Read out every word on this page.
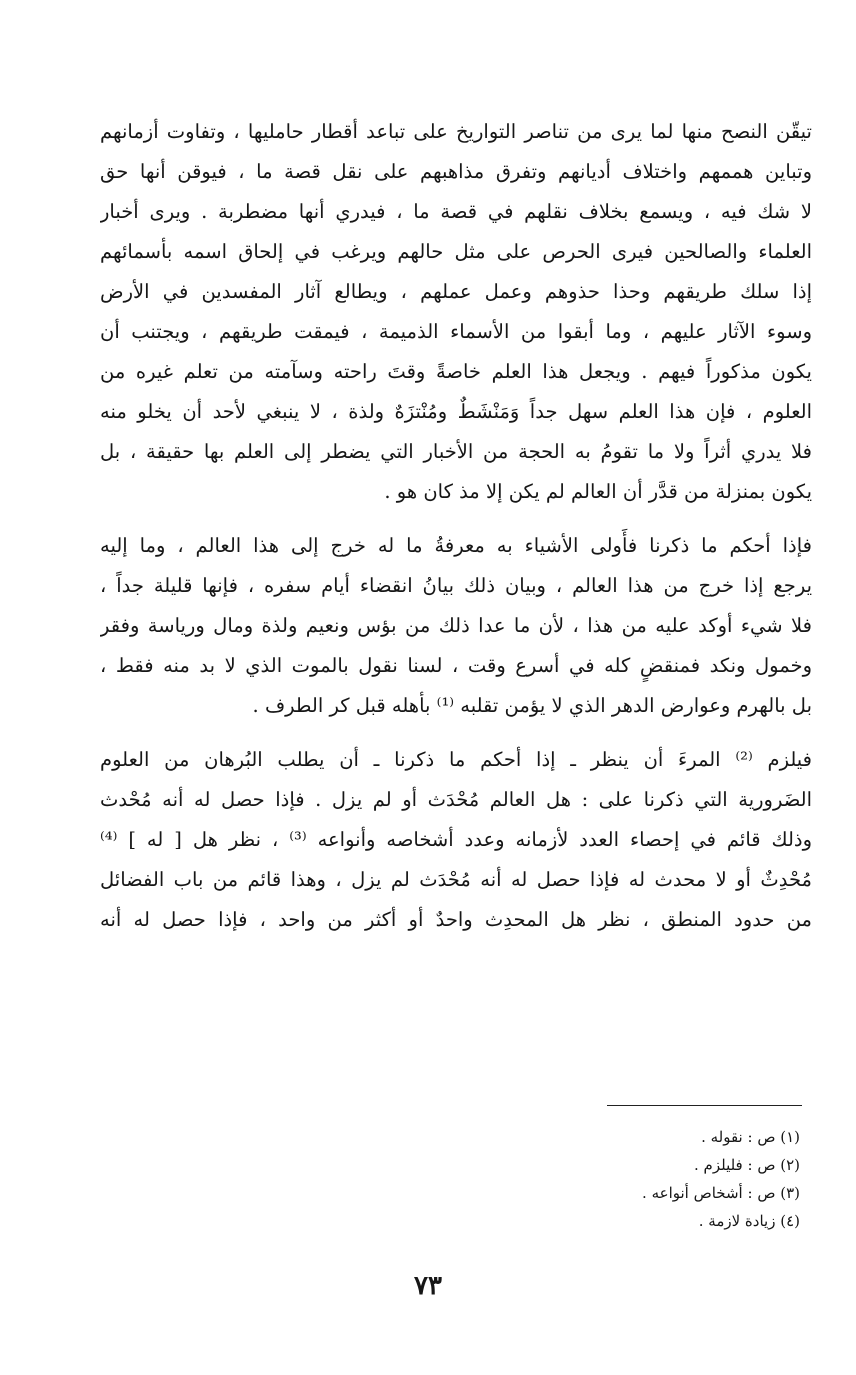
تيقّن النصح منها لما يرى من تناصر التواريخ على تباعد أقطار حامليها ، وتفاوت أزمانهم
وتباين هممهم واختلاف أديانهم وتفرق مذاهبهم على نقل قصة ما ، فيوقن أنها حق
لا شك فيه ، ويسمع بخلاف نقلهم في قصة ما ، فيدري أنها مضطربة . ويرى أخبار
العلماء والصالحين فيرى الحرص على مثل حالهم ويرغب في إلحاق اسمه بأسمائهم
إذا سلك طريقهم وحذا حذوهم وعمل عملهم ، ويطالع آثار المفسدين في الأرض
وسوء الآثار عليهم ، وما أبقوا من الأسماء الذميمة ، فيمقت طريقهم ، ويجتنب أن
يكون مذكوراً فيهم . ويجعل هذا العلم خاصةً وقتَ راحته وسآمته من تعلم غيره من
العلوم ، فإن هذا العلم سهل جداً وَمَنْشَطٌ ومُنْتزَهٌ ولذة ، لا ينبغي لأحد أن يخلو منه
فلا يدري أثراً ولا ما تقومُ به الحجة من الأخبار التي يضطر إلى العلم بها حقيقة ، بل
يكون بمنزلة من قدَّر أن العالم لم يكن إلا مذ كان هو .

فإذا أحكم ما ذكرنا فأَولى الأشياء به معرفةُ ما له خرج إلى هذا العالم ، وما إليه
يرجع إذا خرج من هذا العالم ، وبيان ذلك بيانُ انقضاء أيام سفره ، فإنها قليلة جداً ،
فلا شيء أوكد عليه من هذا ، لأن ما عدا ذلك من بؤس ونعيم ولذة ومال ورياسة وفقر
وخمول ونكد فمنقضٍ كله في أسرع وقت ، لسنا نقول بالموت الذي لا بد منه فقط ،
بل بالهرم وعوارض الدهر الذي لا يؤمن تقلبه ⁽¹⁾ بأهله قبل كر الطرف .

فيلزم ⁽²⁾ المرءَ أن ينظر ـ إذا أحكم ما ذكرنا ـ أن يطلب البُرهان من العلوم
الضَرورية التي ذكرنا على : هل العالم مُحْدَث أو لم يزل . فإذا حصل له أنه مُحْدث
وذلك قائم في إحصاء العدد لأزمانه وعدد أشخاصه وأنواعه ⁽³⁾ ، نظر هل [ له ] ⁽⁴⁾
مُحْدِثٌ أو لا محدث له فإذا حصل له أنه مُحْدَث لم يزل ، وهذا قائم من باب الفضائل
من حدود المنطق ، نظر هل المحدِث واحدٌ أو أكثر من واحد ، فإذا حصل له أنه

(١) ص : نقوله .
(٢) ص : فليلزم .
(٣) ص : أشخاص أنواعه .
(٤) زيادة لازمة .
٧٣
